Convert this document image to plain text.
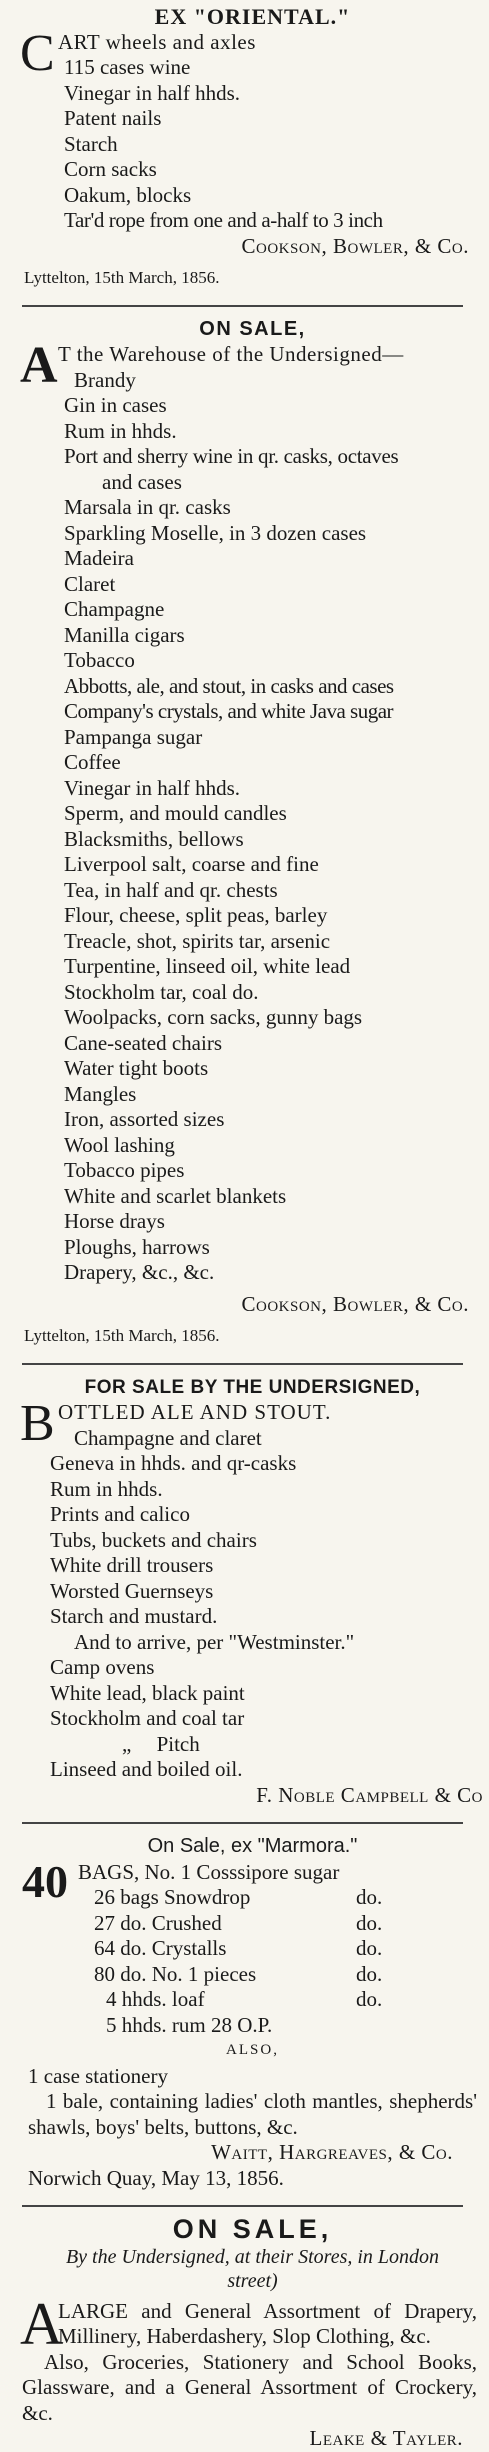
EX "ORIENTAL."
C ART wheels and axles
115 cases wine
Vinegar in half hhds.
Patent nails
Starch
Corn sacks
Oakum, blocks
Tar'd rope from one and a-half to 3 inch
Cookson, Bowler, & Co.
Lyttelton, 15th March, 1856.
ON SALE,
A T the Warehouse of the Undersigned—
Brandy
Gin in cases
Rum in hhds.
Port and sherry wine in qr. casks, octaves
and cases
Marsala in qr. casks
Sparkling Moselle, in 3 dozen cases
Madeira
Claret
Champagne
Manilla cigars
Tobacco
Abbotts, ale, and stout, in casks and cases
Company's crystals, and white Java sugar
Pampanga sugar
Coffee
Vinegar in half hhds.
Sperm, and mould candles
Blacksmiths, bellows
Liverpool salt, coarse and fine
Tea, in half and qr. chests
Flour, cheese, split peas, barley
Treacle, shot, spirits tar, arsenic
Turpentine, linseed oil, white lead
Stockholm tar, coal do.
Woolpacks, corn sacks, gunny bags
Cane-seated chairs
Water tight boots
Mangles
Iron, assorted sizes
Wool lashing
Tobacco pipes
White and scarlet blankets
Horse drays
Ploughs, harrows
Drapery, &c., &c.
Cookson, Bowler, & Co.
Lyttelton, 15th March, 1856.
FOR SALE BY THE UNDERSIGNED,
B OTTLED ALE AND STOUT.
Champagne and claret
Geneva in hhds. and qr-casks
Rum in hhds.
Prints and calico
Tubs, buckets and chairs
White drill trousers
Worsted Guernseys
Starch and mustard.
And to arrive, per "Westminster."
Camp ovens
White lead, black paint
Stockholm and coal tar
„ Pitch
Linseed and boiled oil.
F. Noble Campbell & Co
On Sale, ex "Marmora."
40 BAGS, No. 1 Cosssipore sugar
26 bags Snowdrop	do.
27 do. Crushed	do.
64 do. Crystalls	do.
80 do. No. 1 pieces	do.
4 hhds. loaf	do.
5 hhds. rum 28 O.P.
ALSO,
1 case stationery
1 bale, containing ladies' cloth mantles, shepherds' shawls, boys' belts, buttons, &c.
Waitt, Hargreaves, & Co.
Norwich Quay, May 13, 1856.
ON SALE,
By the Undersigned, at their Stores, in London street)
A
LARGE and General Assortment of Drapery, Millinery, Haberdashery, Slop Clothing, &c.
Also, Groceries, Stationery and School Books, Glassware, and a General Assortment of Crockery, &c.
Leake & Tayler.
